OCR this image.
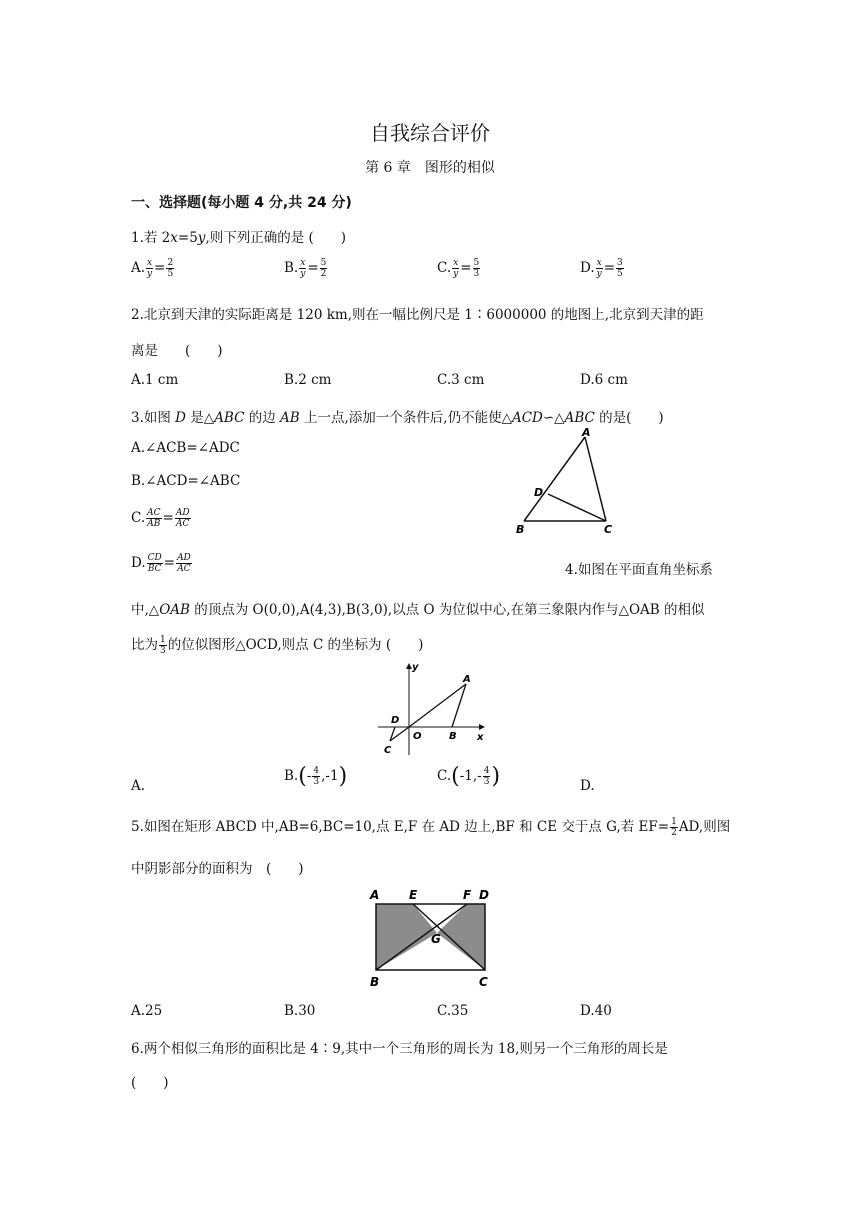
自我综合评价
第 6 章　图形的相似
一、选择题(每小题 4 分,共 24 分)
1.若 2x=5y,则下列正确的是 (　　)
A. $\frac{x}{y} = \frac{2}{5}$	B. $\frac{x}{y} = \frac{5}{2}$	C. $\frac{x}{y} = \frac{5}{3}$	D. $\frac{x}{y} = \frac{3}{5}$
2.北京到天津的实际距离是 120 km,则在一幅比例尺是 1∶6000000 的地图上,北京到天津的距
离是　　(　　)
A.1 cm	B.2 cm	C.3 cm	D.6 cm
3.如图 D 是△ABC 的边 AB 上一点,添加一个条件后,仍不能使△ACD∽△ABC 的是(　　)
A.∠ACB=∠ADC
B.∠ACD=∠ABC
C. $\frac{AC}{AB} = \frac{AD}{AC}$
D. $\frac{CD}{BC} = \frac{AD}{AC}$
A
D
B	C
4.如图在平面直角坐标系
中,△OAB 的顶点为 O(0,0),A(4,3),B(3,0),以点 O 为位似中心,在第三象限内作与△OAB 的相似
比为 $\frac{1}{3}$ 的位似图形△OCD,则点 C 的坐标为 (　　)
y
x
A
B
O
D
C
A.
$B.(- \frac{4}{3} ,-1)$	$C.(-1,- \frac{4}{3}$ )	D.
5.如图在矩形 ABCD 中,AB=6,BC=10,点 E,F 在 AD 边上,BF 和 CE 交于点 G,若 $EF= \frac{1}{2}$ AD,则图
中阴影部分的面积为　(　　)
A E	F D
G
B	C
A.25	B.30	C.35	D.40
6.两个相似三角形的面积比是 4∶9,其中一个三角形的周长为 18,则另一个三角形的周长是
(　　)
